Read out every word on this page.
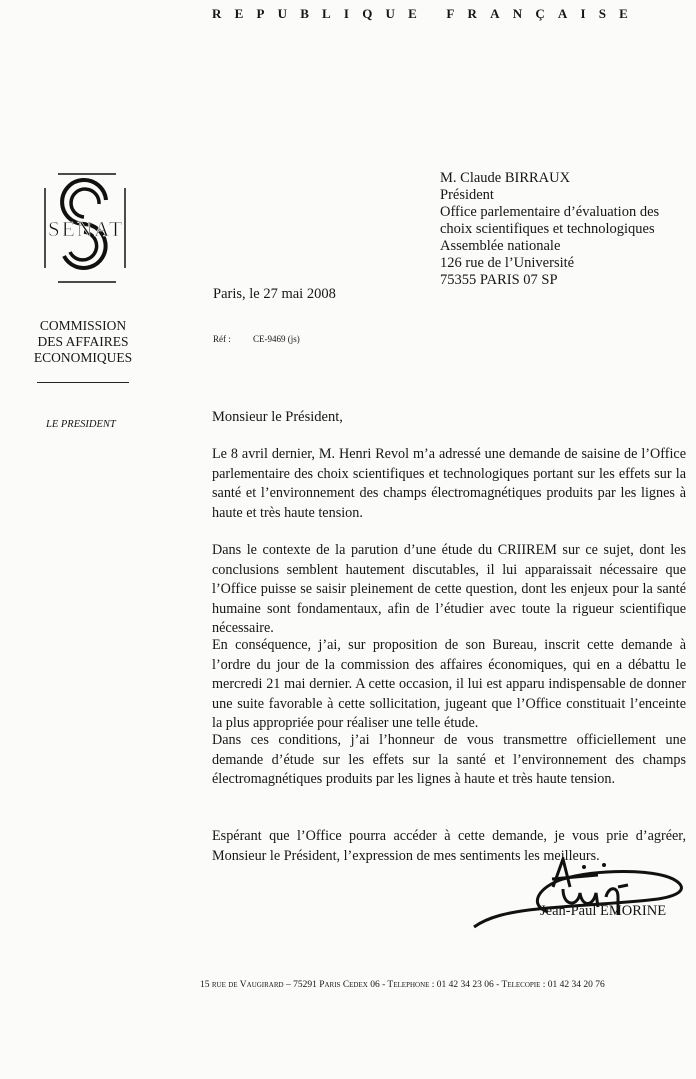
REPUBLIQUE FRANÇAISE
SENAT
M. Claude BIRRAUX
Président
Office parlementaire d’évaluation des
choix scientifiques et technologiques
Assemblée nationale
126 rue de l’Université
75355 PARIS 07 SP
Paris, le 27 mai 2008
Réf : CE-9469 (js)
COMMISSION
DES AFFAIRES
ECONOMIQUES
LE PRESIDENT	Monsieur le Président,

Le 8 avril dernier, M. Henri Revol m’a adressé une demande de saisine de l’Office parlementaire des choix scientifiques et technologiques portant sur les effets sur la santé et l’environnement des champs électromagnétiques produits par les lignes à haute et très haute tension.

Dans le contexte de la parution d’une étude du CRIIREM sur ce sujet, dont les conclusions semblent hautement discutables, il lui apparaissait nécessaire que l’Office puisse se saisir pleinement de cette question, dont les enjeux pour la santé humaine sont fondamentaux, afin de l’étudier avec toute la rigueur scientifique nécessaire.

En conséquence, j’ai, sur proposition de son Bureau, inscrit cette demande à l’ordre du jour de la commission des affaires économiques, qui en a débattu le mercredi 21 mai dernier. A cette occasion, il lui est apparu indispensable de donner une suite favorable à cette sollicitation, jugeant que l’Office constituait l’enceinte la plus appropriée pour réaliser une telle étude.

Dans ces conditions, j’ai l’honneur de vous transmettre officiellement une demande d’étude sur les effets sur la santé et l’environnement des champs électromagnétiques produits par les lignes à haute et très haute tension.

Espérant que l’Office pourra accéder à cette demande, je vous prie d’agréer, Monsieur le Président, l’expression de mes sentiments les meilleurs.

Jean-Paul EMORINE
15 rue de Vaugirard – 75291 Paris Cedex 06 - Telephone : 01 42 34 23 06 - Telecopie : 01 42 34 20 76
